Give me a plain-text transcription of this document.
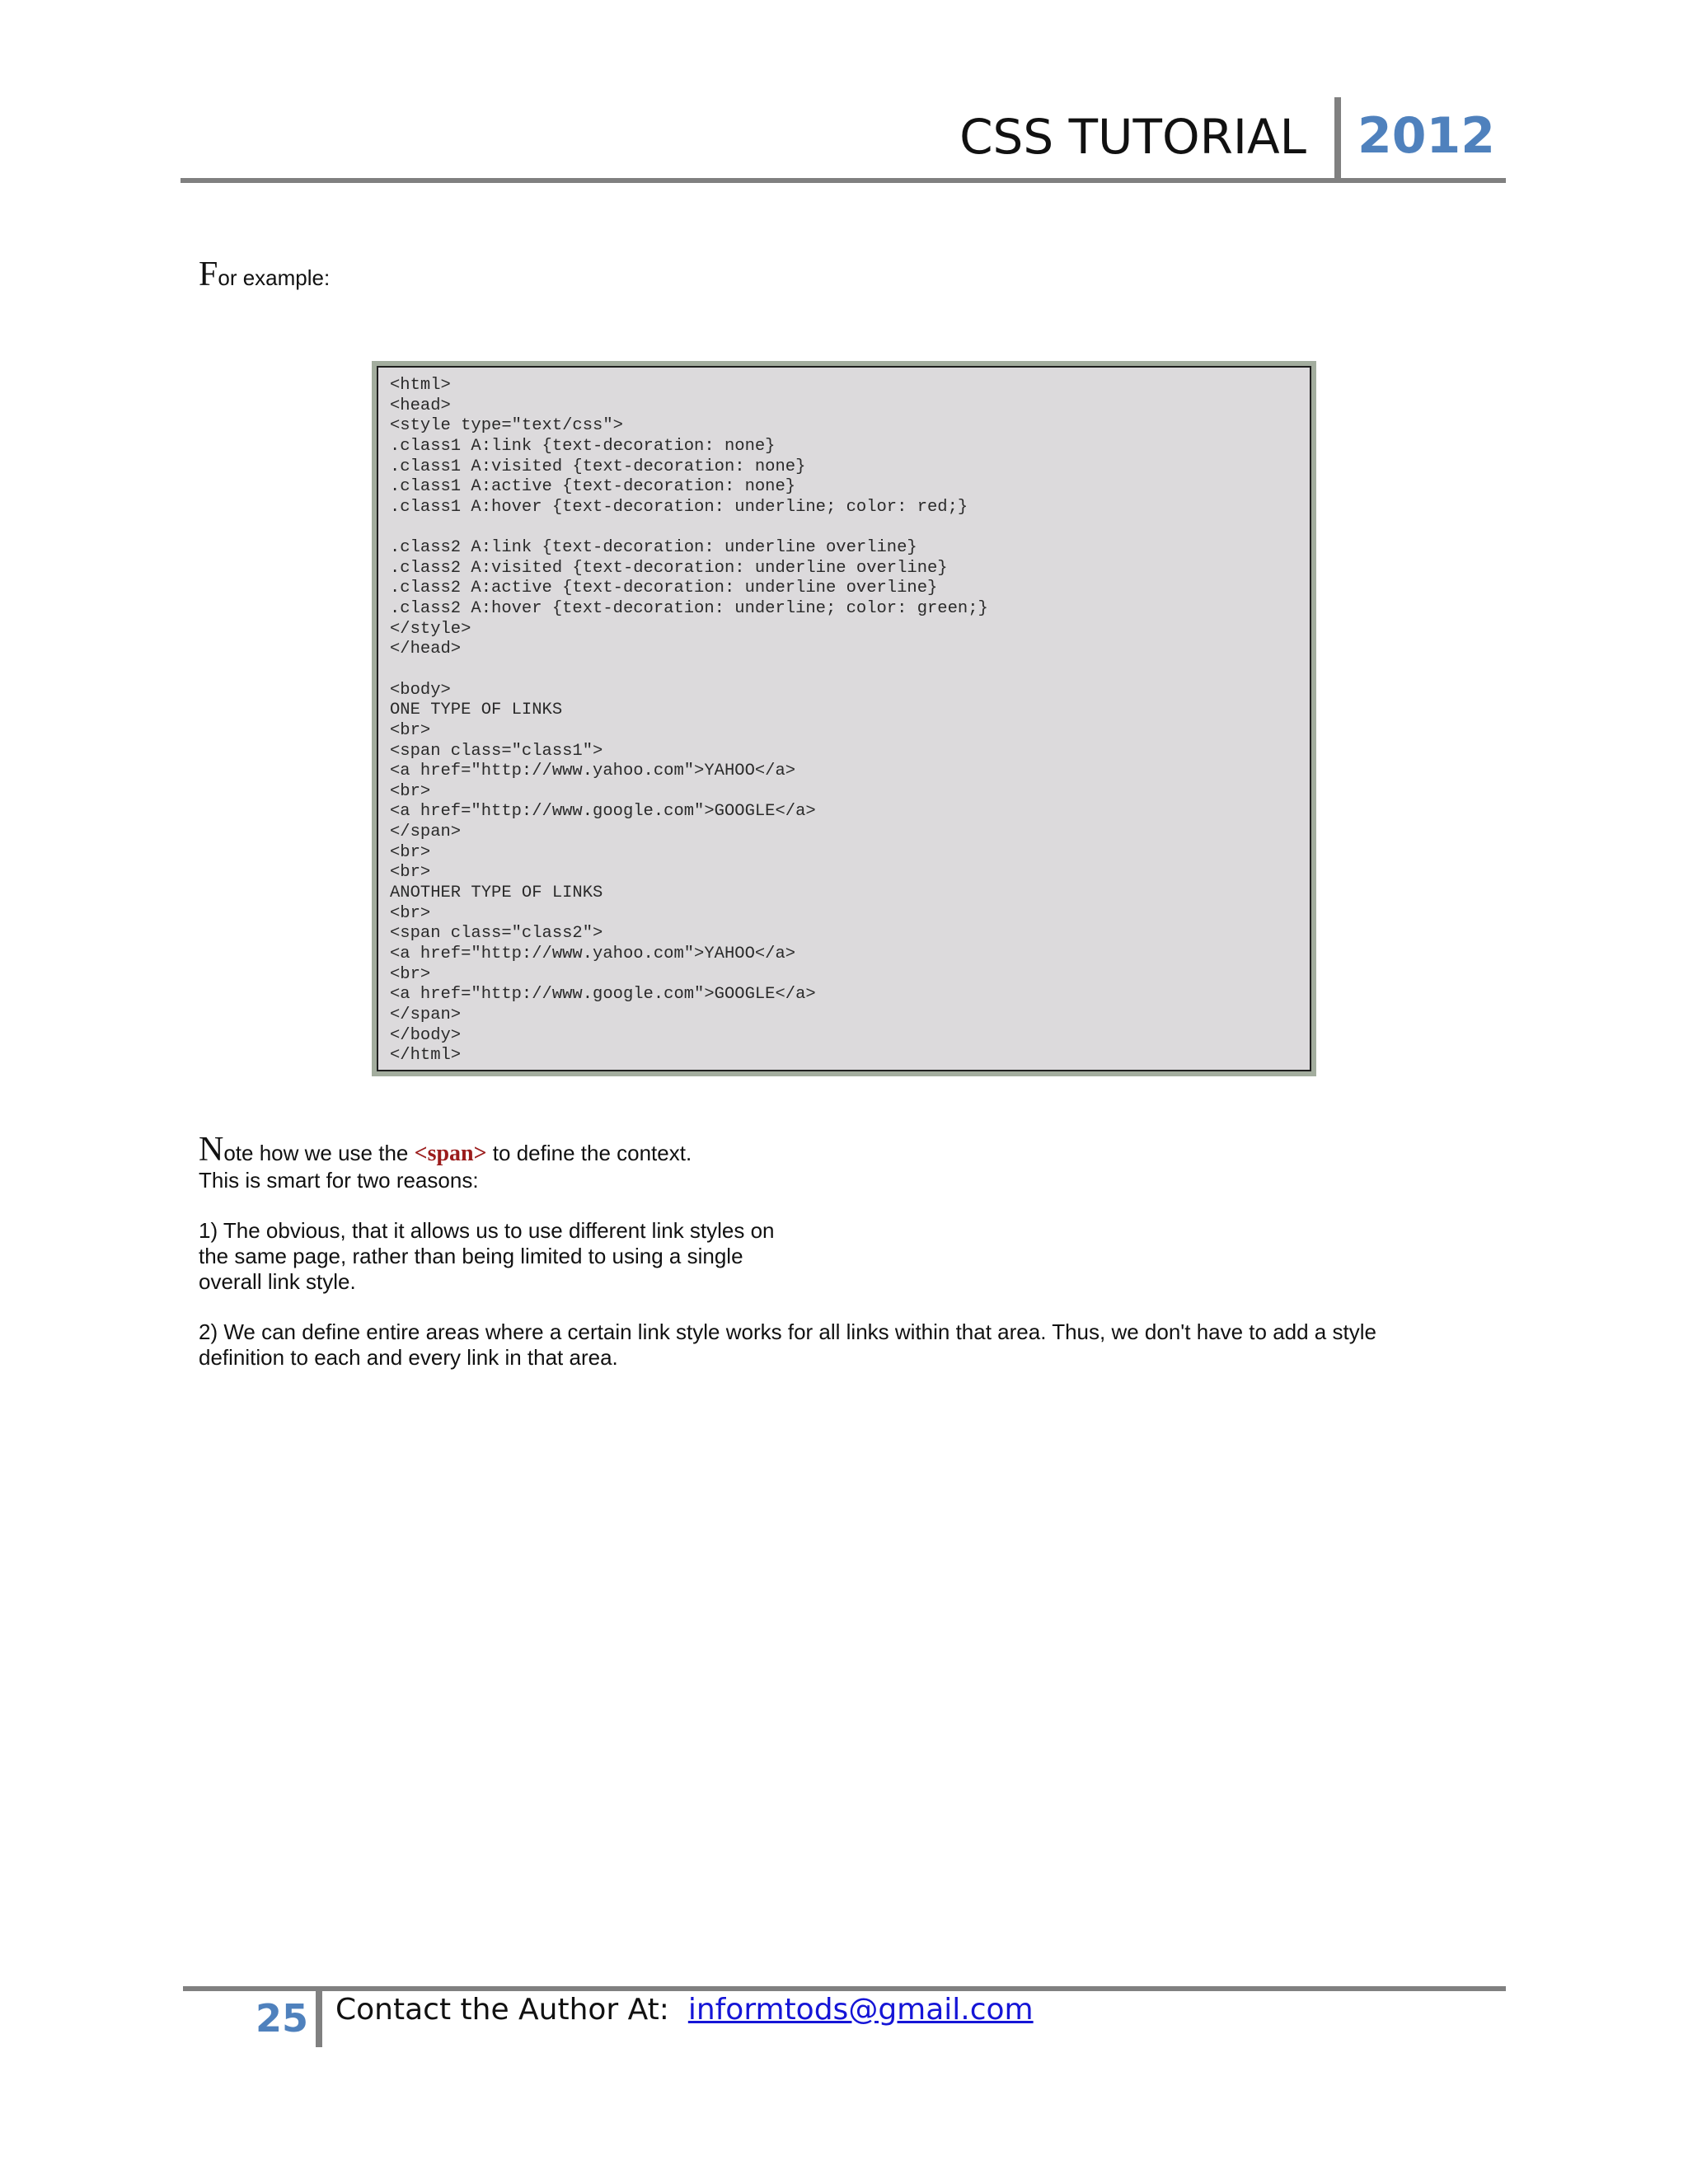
CSS TUTORIAL 2012
For example:
<html>
<head>
<style type="text/css">
.class1 A:link {text-decoration: none}
.class1 A:visited {text-decoration: none}
.class1 A:active {text-decoration: none}
.class1 A:hover {text-decoration: underline; color: red;}
.class2 A:link {text-decoration: underline overline}
.class2 A:visited {text-decoration: underline overline}
.class2 A:active {text-decoration: underline overline}
.class2 A:hover {text-decoration: underline; color: green;}
</style>
</head>
<body>
ONE TYPE OF LINKS
<br>
<span class="class1">
<a href="http://www.yahoo.com">YAHOO</a>
<br>
<a href="http://www.google.com">GOOGLE</a>
</span>
<br>
<br>
ANOTHER TYPE OF LINKS
<br>
<span class="class2">
<a href="http://www.yahoo.com">YAHOO</a>
<br>
<a href="http://www.google.com">GOOGLE</a>
</span>
</body>
</html>
Note how we use the <span> to define the context.
This is smart for two reasons:
1) The obvious, that it allows us to use different link styles on
the same page, rather than being limited to using a single
overall link style.
2) We can define entire areas where a certain link style works for all links within that area. Thus, we don't have to add a style
definition to each and every link in that area.
25 Contact the Author At: informtods@gmail.com
